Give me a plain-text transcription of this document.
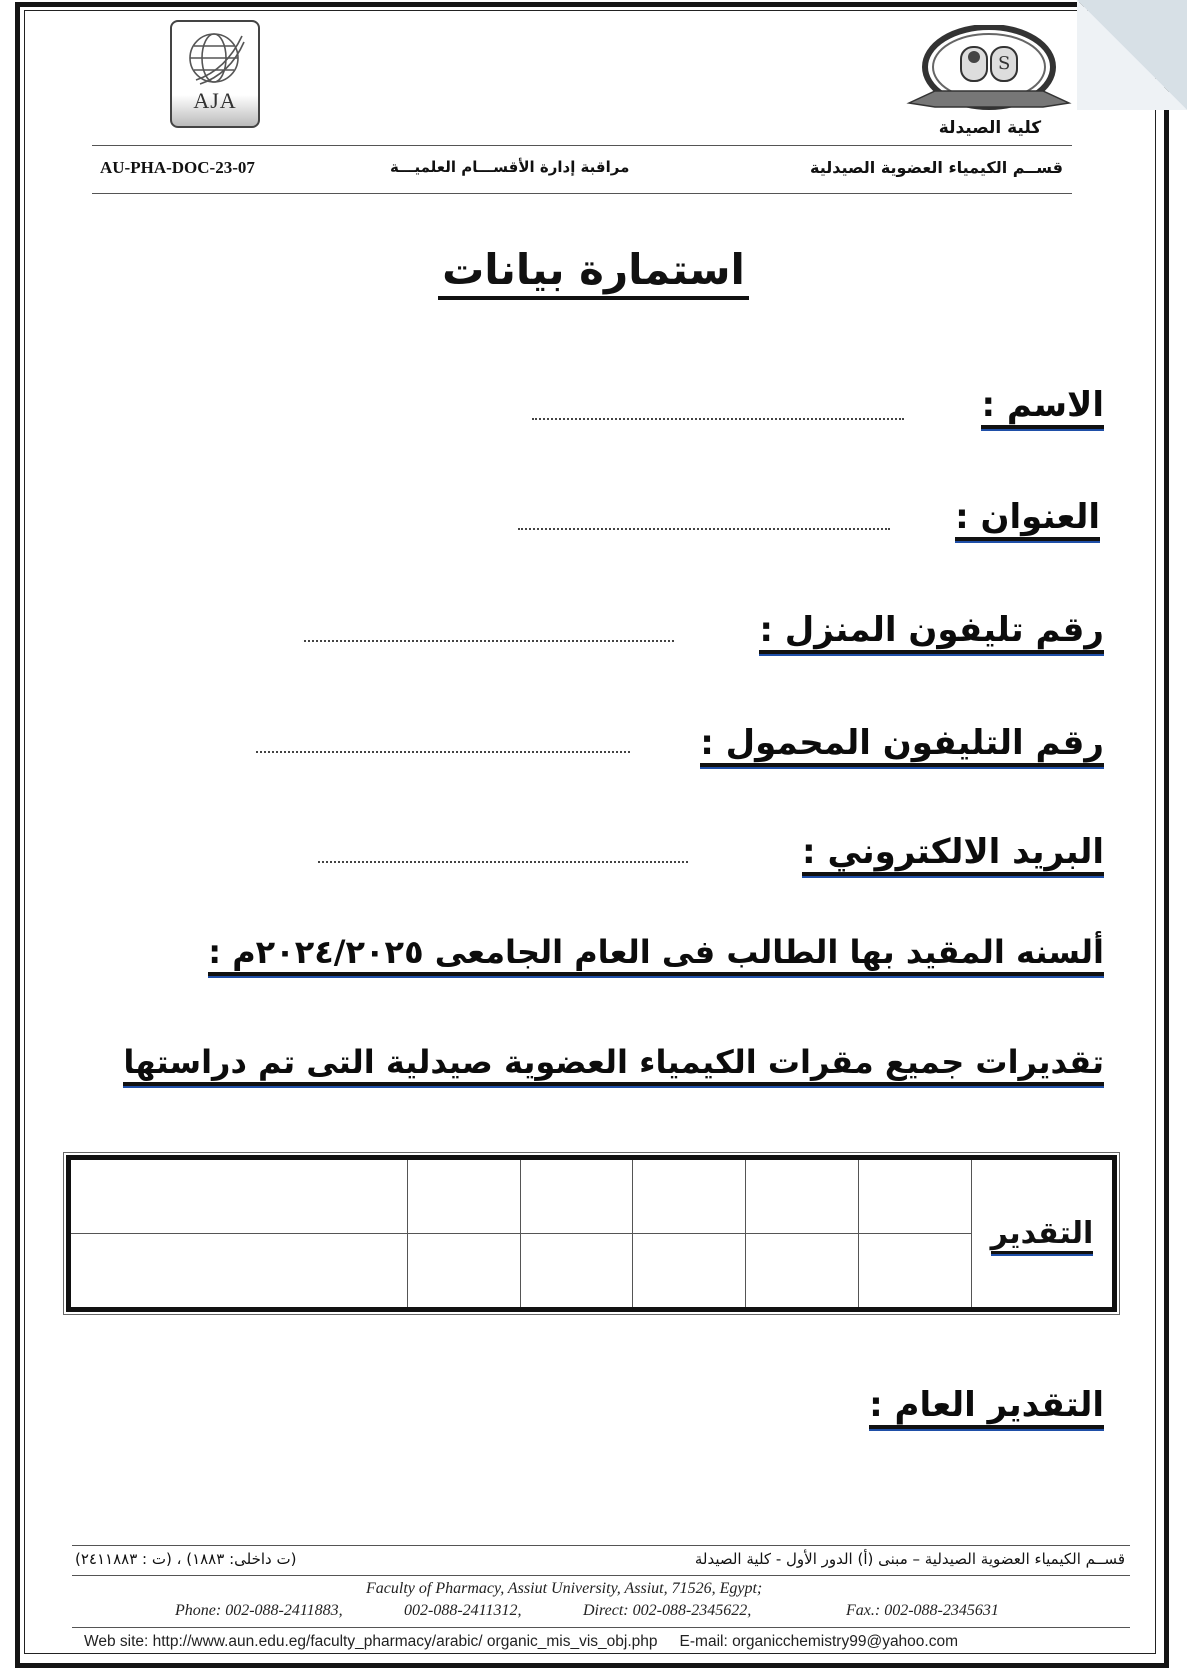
AJA
S
كلية الصيدلة
AU-PHA-DOC-23-07	مراقبة إدارة الأقســـام العلميـــة	قســم الكيمياء العضوية الصيدلية
استمارة بيانات
الاسم :
العنوان :
رقم تليفون المنزل :
رقم التليفون المحمول :
البريد الالكتروني :
ألسنه المقيد بها الطالب فى العام الجامعى ٢٠٢٤/٢٠٢٥م :
تقديرات جميع مقرات الكيمياء العضوية صيدلية التى تم دراستها
						التقدير

التقدير العام :
قســم الكيمياء العضوية الصيدلية – مبنى (أ) الدور الأول - كلية الصيدلة
(ت داخلى: ١٨٨٣) ، (ت : ٢٤١١٨٨٣)
Faculty of Pharmacy, Assiut University, Assiut, 71526, Egypt;
Phone: 002-088-2411883,	002-088-2411312,	Direct: 002-088-2345622,	Fax.: 002-088-2345631
Web site: http://www.aun.edu.eg/faculty_pharmacy/arabic/ organic_mis_vis_obj.php E-mail: organicchemistry99@yahoo.com
